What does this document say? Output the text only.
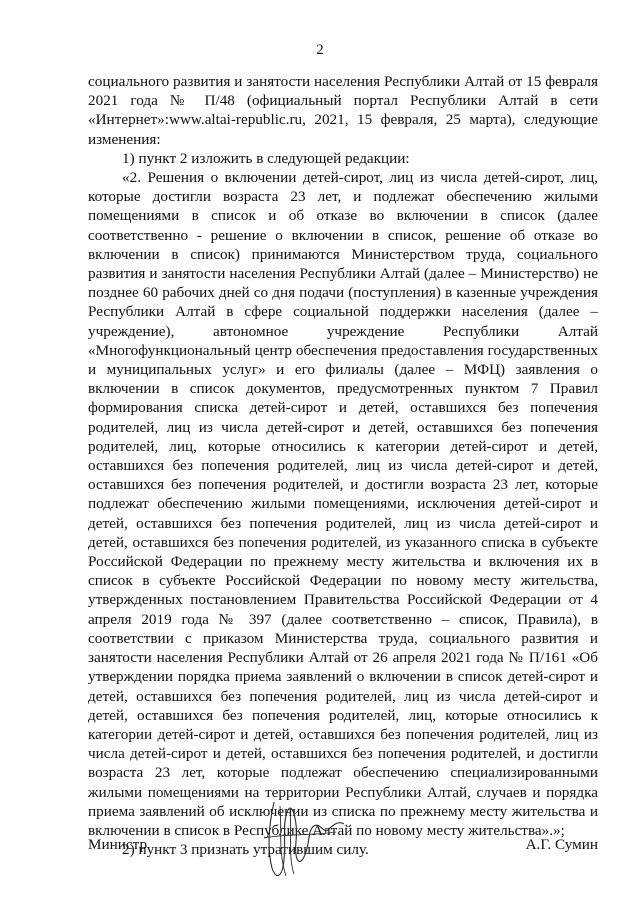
2

социального развития и занятости населения Республики Алтай от 15 февраля 2021 года № П/48 (официальный портал Республики Алтай в сети «Интернет»:www.altai-republic.ru, 2021, 15 февраля, 25 марта), следующие изменения:

1) пункт 2 изложить в следующей редакции:

«2. Решения о включении детей-сирот, лиц из числа детей-сирот, лиц, которые достигли возраста 23 лет, и подлежат обеспечению жилыми помещениями в список и об отказе во включении в список (далее соответственно - решение о включении в список, решение об отказе во включении в список) принимаются Министерством труда, социального развития и занятости населения Республики Алтай (далее – Министерство) не позднее 60 рабочих дней со дня подачи (поступления) в казенные учреждения Республики Алтай в сфере социальной поддержки населения (далее – учреждение), автономное учреждение Республики Алтай «Многофункциональный центр обеспечения предоставления государственных и муниципальных услуг» и его филиалы (далее – МФЦ) заявления о включении в список документов, предусмотренных пунктом 7 Правил формирования списка детей-сирот и детей, оставшихся без попечения родителей, лиц из числа детей-сирот и детей, оставшихся без попечения родителей, лиц, которые относились к категории детей-сирот и детей, оставшихся без попечения родителей, лиц из числа детей-сирот и детей, оставшихся без попечения родителей, и достигли возраста 23 лет, которые подлежат обеспечению жилыми помещениями, исключения детей-сирот и детей, оставшихся без попечения родителей, лиц из числа детей-сирот и детей, оставшихся без попечения родителей, из указанного списка в субъекте Российской Федерации по прежнему месту жительства и включения их в список в субъекте Российской Федерации по новому месту жительства, утвержденных постановлением Правительства Российской Федерации от 4 апреля 2019 года № 397 (далее соответственно – список, Правила), в соответствии с приказом Министерства труда, социального развития и занятости населения Республики Алтай от 26 апреля 2021 года № П/161 «Об утверждении порядка приема заявлений о включении в список детей-сирот и детей, оставшихся без попечения родителей, лиц из числа детей-сирот и детей, оставшихся без попечения родителей, лиц, которые относились к категории детей-сирот и детей, оставшихся без попечения родителей, лиц из числа детей-сирот и детей, оставшихся без попечения родителей, и достигли возраста 23 лет, которые подлежат обеспечению специализированными жилыми помещениями на территории Республики Алтай, случаев и порядка приема заявлений об исключении из списка по прежнему месту жительства и включении в список в Республике Алтай по новому месту жительства».»;

2) пункт 3 признать утратившим силу.

Министр	А.Г. Сумин
